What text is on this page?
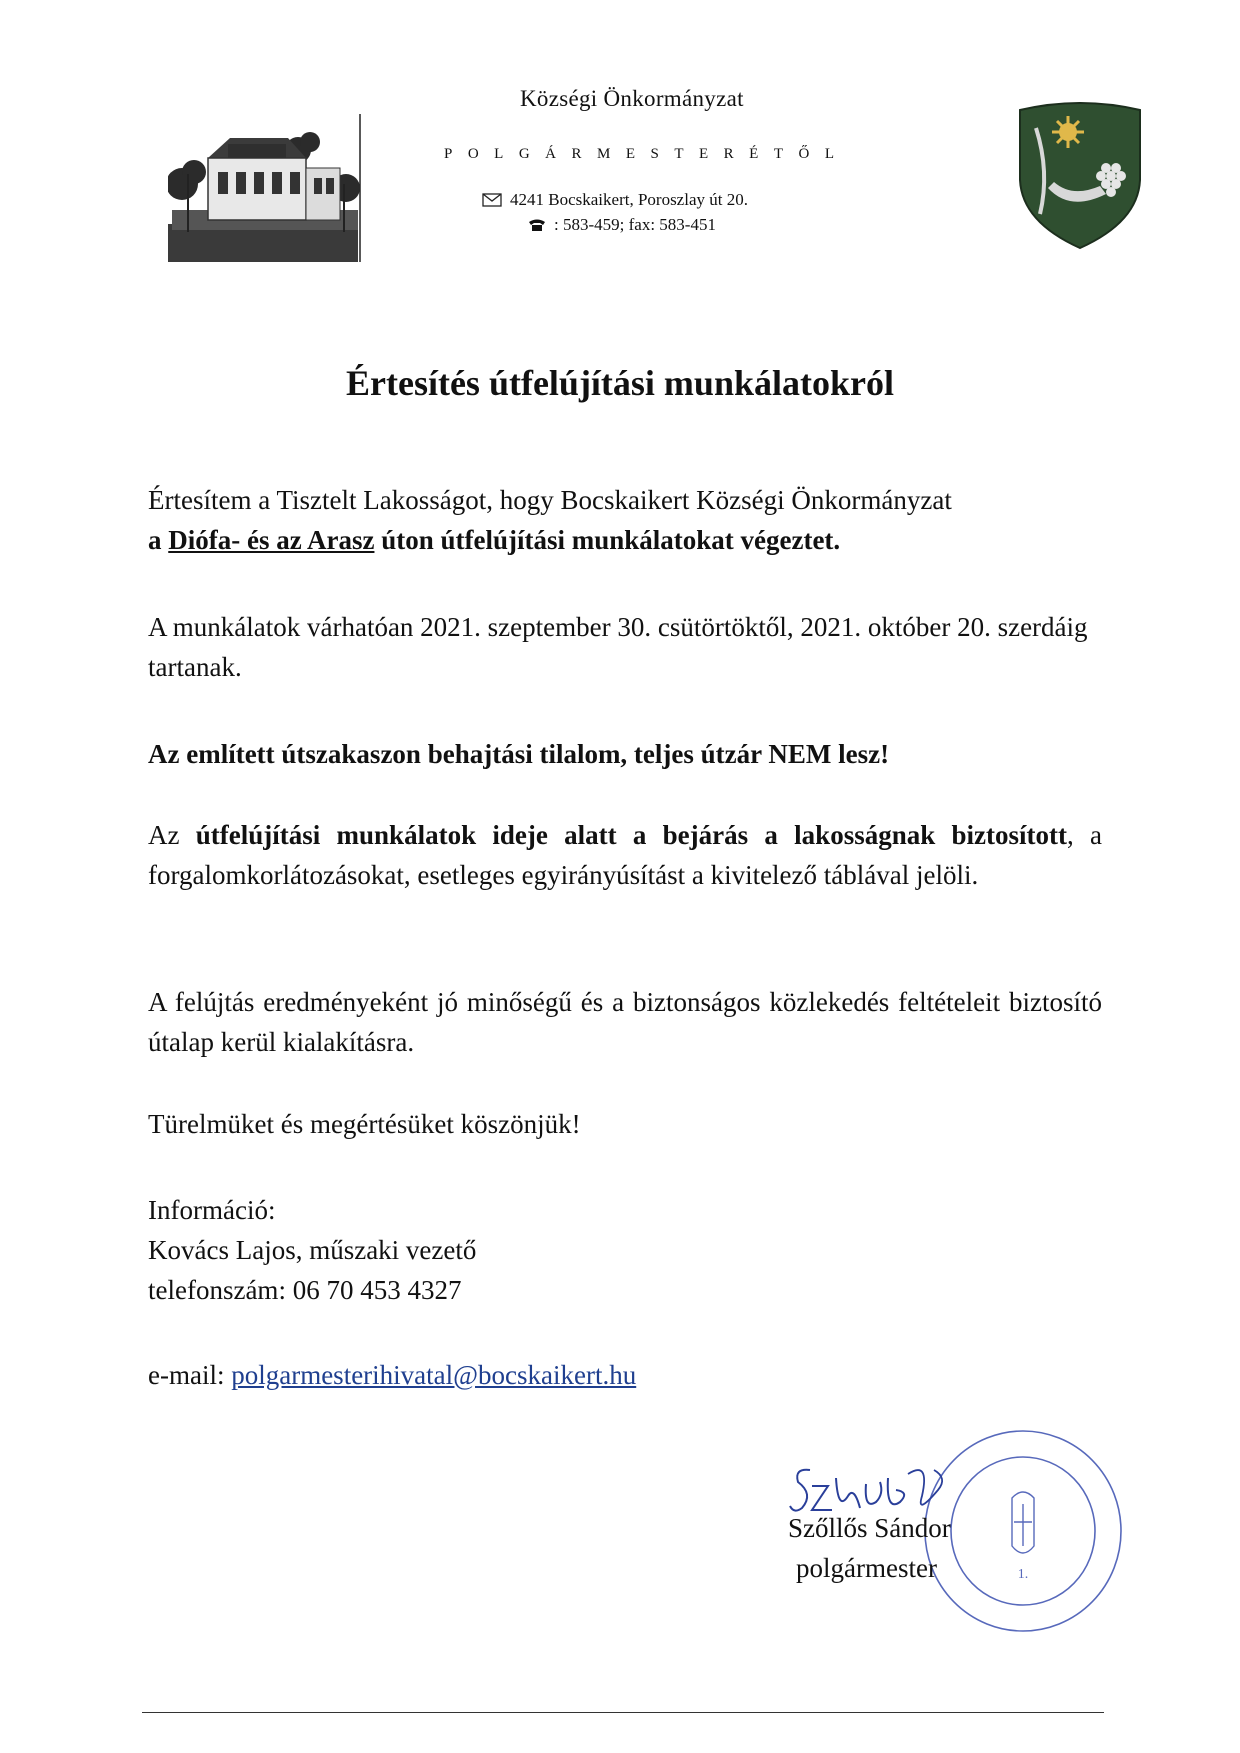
Községi Önkormányzat
POLGÁRMESTERÉTŐL
4241 Bocskaikert, Poroszlay út 20.
: 583-459; fax: 583-451
Értesítés útfelújítási munkálatokról
Értesítem a Tisztelt Lakosságot, hogy Bocskaikert Községi Önkormányzat
a Diófa- és az Arasz úton útfelújítási munkálatokat végeztet.
A munkálatok várhatóan 2021. szeptember 30. csütörtöktől, 2021. október 20. szerdáig tartanak.
Az említett útszakaszon behajtási tilalom, teljes útzár NEM lesz!
Az útfelújítási munkálatok ideje alatt a bejárás a lakosságnak biztosított, a forgalomkorlátozásokat, esetleges egyirányúsítást a kivitelező táblával jelöli.
A felújtás eredményeként jó minőségű és a biztonságos közlekedés feltételeit biztosító útalap kerül kialakításra.
Türelmüket és megértésüket köszönjük!
Információ:
Kovács Lajos, műszaki vezető
telefonszám: 06 70 453 4327
e-mail: polgarmesterihivatal@bocskaikert.hu
1.
Szőllős Sándor
polgármester
